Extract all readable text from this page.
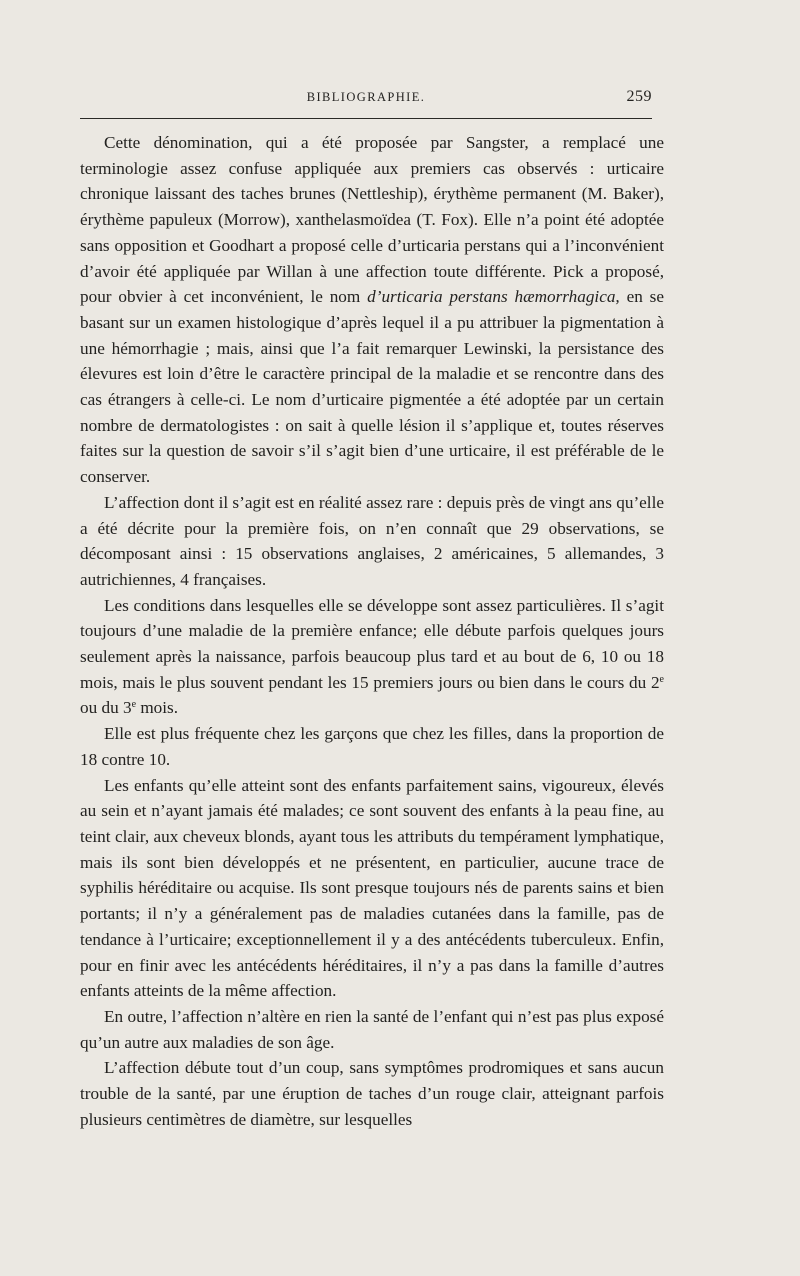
BIBLIOGRAPHIE.	259

Cette dénomination, qui a été proposée par Sangster, a remplacé une terminologie assez confuse appliquée aux premiers cas observés : urticaire chronique laissant des taches brunes (Nettleship), érythème permanent (M. Baker), érythème papuleux (Morrow), xanthelasmoïdea (T. Fox). Elle n’a point été adoptée sans opposition et Goodhart a proposé celle d’urticaria perstans qui a l’inconvénient d’avoir été appliquée par Willan à une affection toute différente. Pick a proposé, pour obvier à cet inconvénient, le nom d’urticaria perstans hæmorrhagica, en se basant sur un examen histologique d’après lequel il a pu attribuer la pigmentation à une hémorrhagie ; mais, ainsi que l’a fait remarquer Lewinski, la persistance des élevures est loin d’être le caractère principal de la maladie et se rencontre dans des cas étrangers à celle-ci. Le nom d’urticaire pigmentée a été adoptée par un certain nombre de dermatologistes : on sait à quelle lésion il s’applique et, toutes réserves faites sur la question de savoir s’il s’agit bien d’une urticaire, il est préférable de le conserver.

L’affection dont il s’agit est en réalité assez rare : depuis près de vingt ans qu’elle a été décrite pour la première fois, on n’en connaît que 29 observations, se décomposant ainsi : 15 observations anglaises, 2 américaines, 5 allemandes, 3 autrichiennes, 4 françaises.

Les conditions dans lesquelles elle se développe sont assez particulières. Il s’agit toujours d’une maladie de la première enfance; elle débute parfois quelques jours seulement après la naissance, parfois beaucoup plus tard et au bout de 6, 10 ou 18 mois, mais le plus souvent pendant les 15 premiers jours ou bien dans le cours du 2e ou du 3e mois.

Elle est plus fréquente chez les garçons que chez les filles, dans la proportion de 18 contre 10.

Les enfants qu’elle atteint sont des enfants parfaitement sains, vigoureux, élevés au sein et n’ayant jamais été malades; ce sont souvent des enfants à la peau fine, au teint clair, aux cheveux blonds, ayant tous les attributs du tempérament lymphatique, mais ils sont bien développés et ne présentent, en particulier, aucune trace de syphilis héréditaire ou acquise. Ils sont presque toujours nés de parents sains et bien portants; il n’y a généralement pas de maladies cutanées dans la famille, pas de tendance à l’urticaire; exceptionnellement il y a des antécédents tuberculeux. Enfin, pour en finir avec les antécédents héréditaires, il n’y a pas dans la famille d’autres enfants atteints de la même affection.

En outre, l’affection n’altère en rien la santé de l’enfant qui n’est pas plus exposé qu’un autre aux maladies de son âge.

L’affection débute tout d’un coup, sans symptômes prodromiques et sans aucun trouble de la santé, par une éruption de taches d’un rouge clair, atteignant parfois plusieurs centimètres de diamètre, sur lesquelles
